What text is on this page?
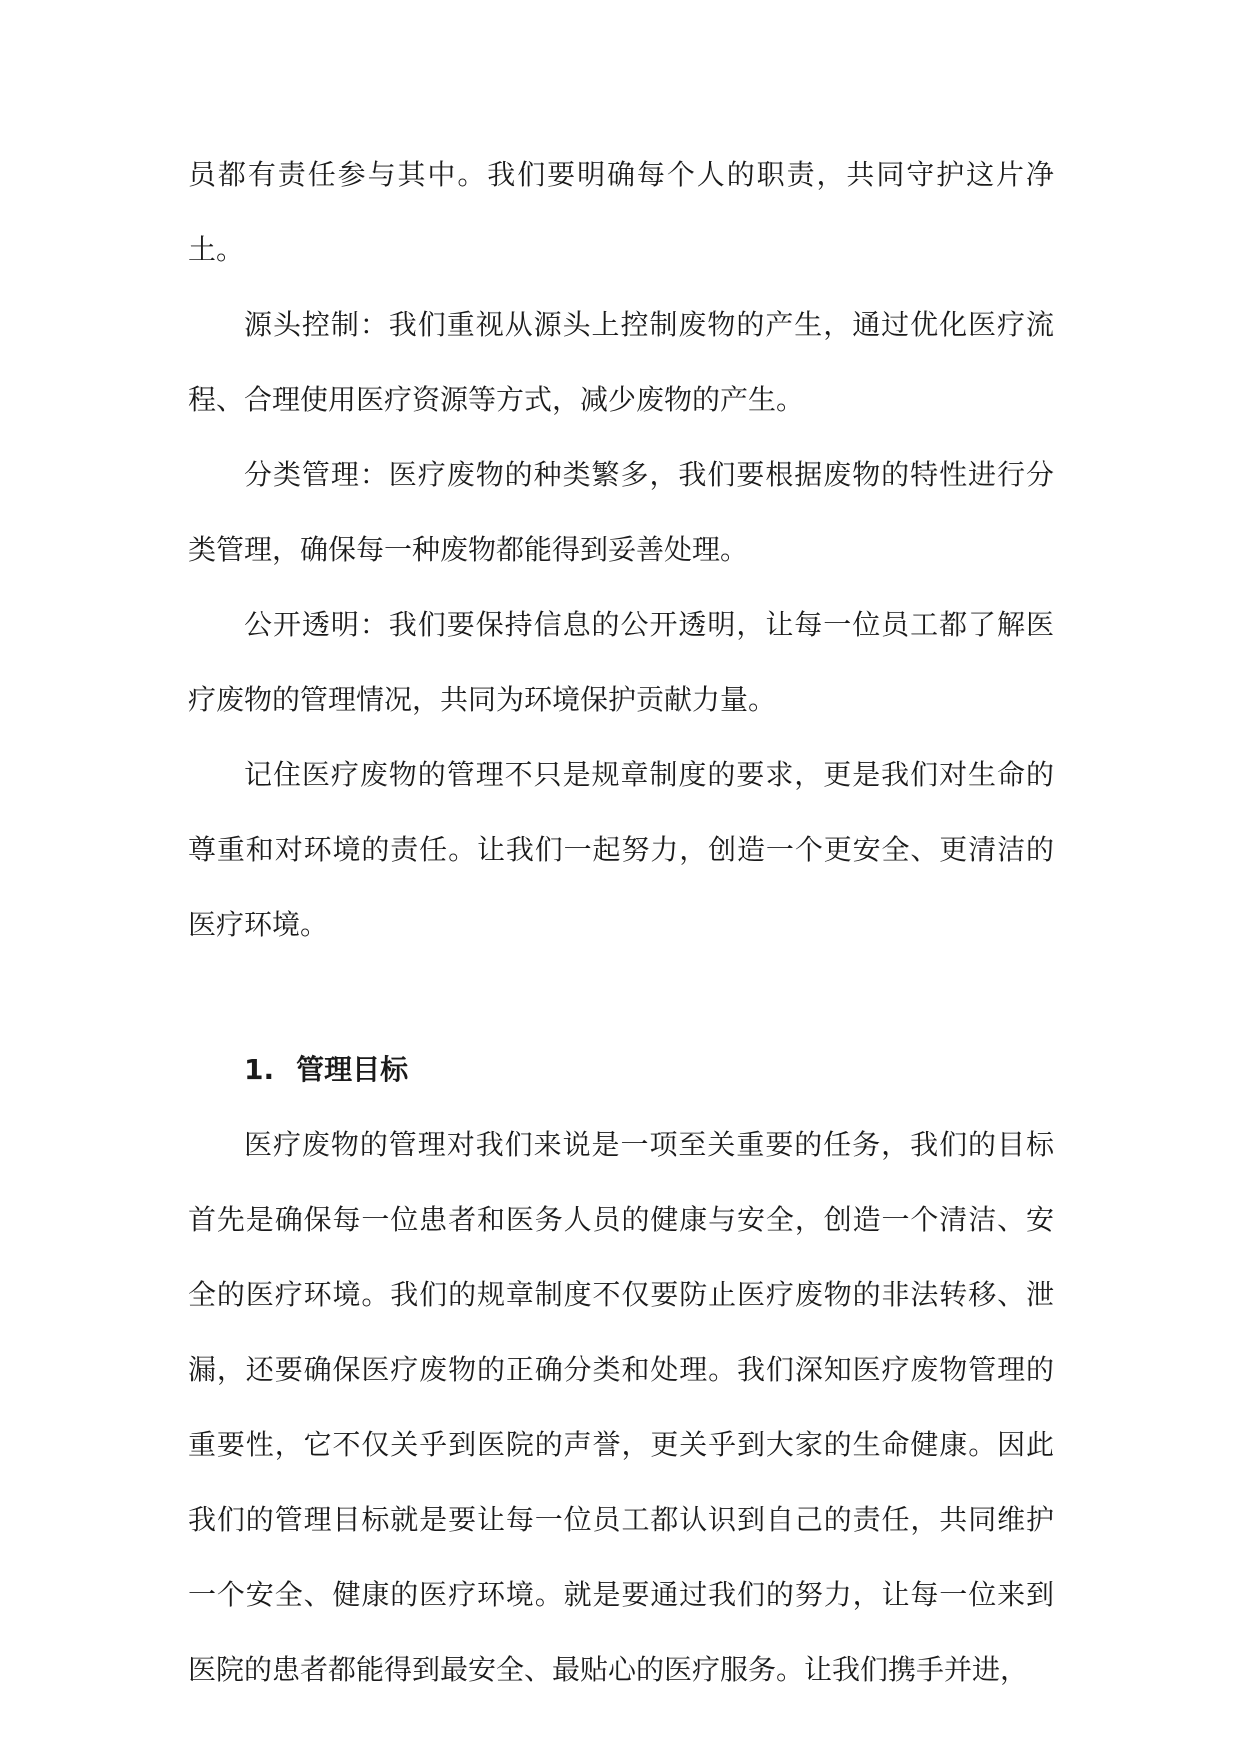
员都有责任参与其中。我们要明确每个人的职责，共同守护这片净土。

源头控制：我们重视从源头上控制废物的产生，通过优化医疗流程、合理使用医疗资源等方式，减少废物的产生。

分类管理：医疗废物的种类繁多，我们要根据废物的特性进行分类管理，确保每一种废物都能得到妥善处理。

公开透明：我们要保持信息的公开透明，让每一位员工都了解医疗废物的管理情况，共同为环境保护贡献力量。

记住医疗废物的管理不只是规章制度的要求，更是我们对生命的尊重和对环境的责任。让我们一起努力，创造一个更安全、更清洁的医疗环境。

1. 管理目标

医疗废物的管理对我们来说是一项至关重要的任务，我们的目标首先是确保每一位患者和医务人员的健康与安全，创造一个清洁、安全的医疗环境。我们的规章制度不仅要防止医疗废物的非法转移、泄漏，还要确保医疗废物的正确分类和处理。我们深知医疗废物管理的重要性，它不仅关乎到医院的声誉，更关乎到大家的生命健康。因此我们的管理目标就是要让每一位员工都认识到自己的责任，共同维护一个安全、健康的医疗环境。就是要通过我们的努力，让每一位来到医院的患者都能得到最安全、最贴心的医疗服务。让我们携手并进，
